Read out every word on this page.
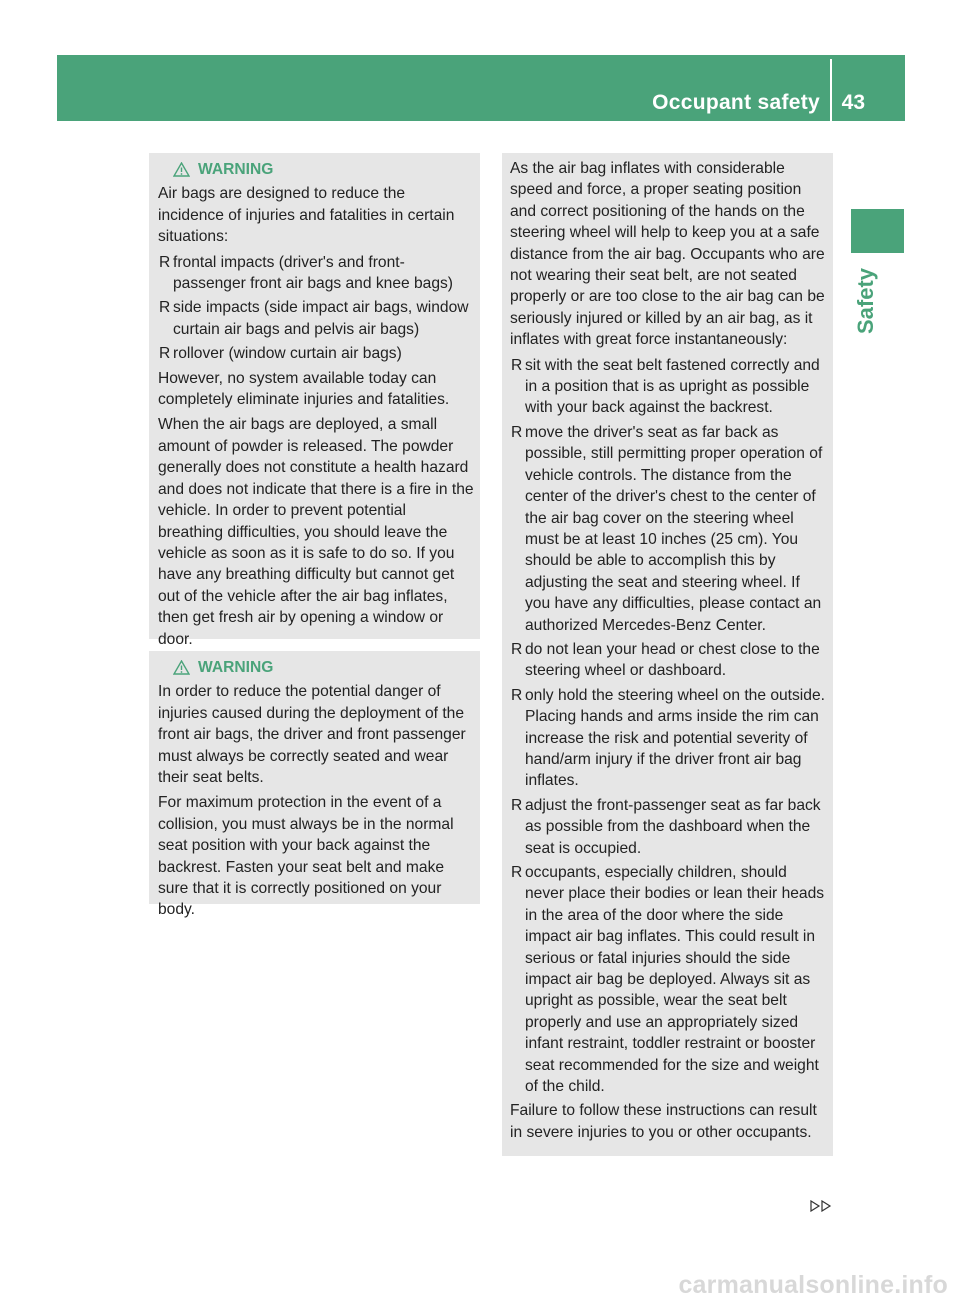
Occupant safety 43
Safety
WARNING

Air bags are designed to reduce the incidence of injuries and fatalities in certain situations:

R frontal impacts (driver's and front-passenger front air bags and knee bags)
R side impacts (side impact air bags, window curtain air bags and pelvis air bags)
R rollover (window curtain air bags)

However, no system available today can completely eliminate injuries and fatalities.

When the air bags are deployed, a small amount of powder is released. The powder generally does not constitute a health hazard and does not indicate that there is a fire in the vehicle. In order to prevent potential breathing difficulties, you should leave the vehicle as soon as it is safe to do so. If you have any breathing difficulty but cannot get out of the vehicle after the air bag inflates, then get fresh air by opening a window or door.

WARNING

In order to reduce the potential danger of injuries caused during the deployment of the front air bags, the driver and front passenger must always be correctly seated and wear their seat belts.

For maximum protection in the event of a collision, you must always be in the normal seat position with your back against the backrest. Fasten your seat belt and make sure that it is correctly positioned on your body.

As the air bag inflates with considerable speed and force, a proper seating position and correct positioning of the hands on the steering wheel will help to keep you at a safe distance from the air bag. Occupants who are not wearing their seat belt, are not seated properly or are too close to the air bag can be seriously injured or killed by an air bag, as it inflates with great force instantaneously:

R sit with the seat belt fastened correctly and in a position that is as upright as possible with your back against the backrest.
R move the driver's seat as far back as possible, still permitting proper operation of vehicle controls. The distance from the center of the driver's chest to the center of the air bag cover on the steering wheel must be at least 10 inches (25 cm). You should be able to accomplish this by adjusting the seat and steering wheel. If you have any difficulties, please contact an authorized Mercedes-Benz Center.
R do not lean your head or chest close to the steering wheel or dashboard.
R only hold the steering wheel on the outside. Placing hands and arms inside the rim can increase the risk and potential severity of hand/arm injury if the driver front air bag inflates.
R adjust the front-passenger seat as far back as possible from the dashboard when the seat is occupied.
R occupants, especially children, should never place their bodies or lean their heads in the area of the door where the side impact air bag inflates. This could result in serious or fatal injuries should the side impact air bag be deployed. Always sit as upright as possible, wear the seat belt properly and use an appropriately sized infant restraint, toddler restraint or booster seat recommended for the size and weight of the child.

Failure to follow these instructions can result in severe injuries to you or other occupants.

carmanualsonline.info
